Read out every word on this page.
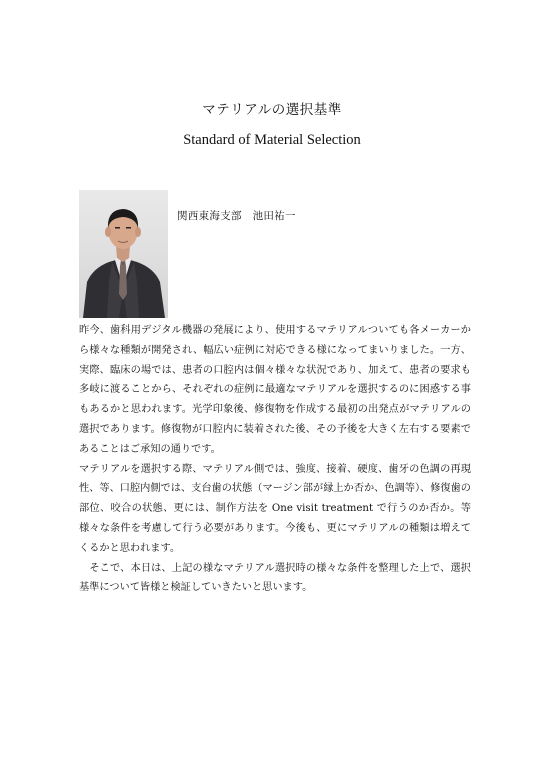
マテリアルの選択基準
Standard of Material Selection
関西東海支部　池田祐一

昨今、歯科用デジタル機器の発展により、使用するマテリアルついても各メーカーから様々な種類が開発され、幅広い症例に対応できる様になってまいりました。一方、実際、臨床の場では、患者の口腔内は個々様々な状況であり、加えて、患者の要求も多岐に渡ることから、それぞれの症例に最適なマテリアルを選択するのに困惑する事もあるかと思われます。光学印象後、修復物を作成する最初の出発点がマテリアルの選択であります。修復物が口腔内に装着された後、その予後を大きく左右する要素であることはご承知の通りです。

マテリアルを選択する際、マテリアル側では、強度、接着、硬度、歯牙の色調の再現性、等、口腔内側では、支台歯の状態（マージン部が縁上か否か、色調等）、修復歯の部位、咬合の状態、更には、制作方法を One visit treatment で行うのか否か。等様々な条件を考慮して行う必要があります。今後も、更にマテリアルの種類は増えてくるかと思われます。

　そこで、本日は、上記の様なマテリアル選択時の様々な条件を整理した上で、選択基準について皆様と検証していきたいと思います。
